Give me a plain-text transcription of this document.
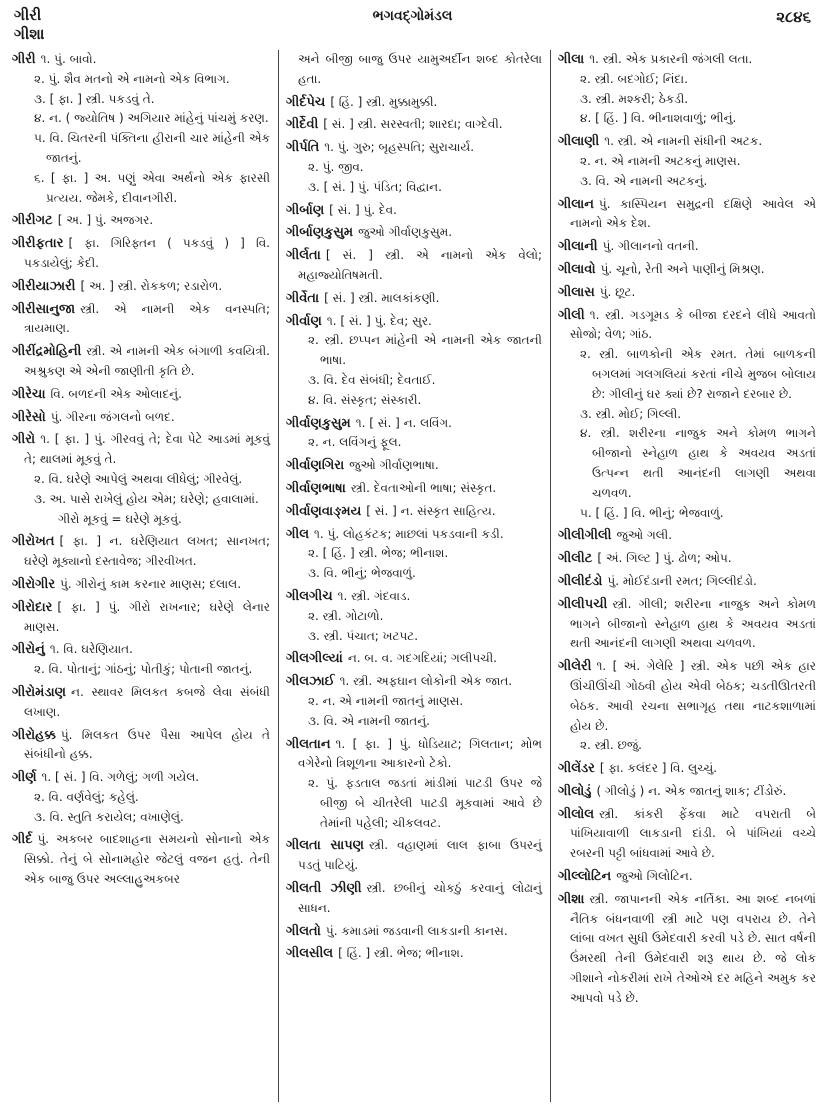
ગીરી
ગીશા
ભગવદ્ગોમંડલ	૨૮૪૬
ગીરી ૧. પું. બાવો.
૨. પું. શૈવ મતનો એ નામનો એક વિભાગ.
૩. [ ફા. ] સ્ત્રી. પકડવું તે.
૪. ન. ( જ્યોતિષ ) અગિયાર માંહેનું પાંચમું કરણ.
૫. વિ. ચિતરની પંક્તિના હીરાની ચાર માંહેની એક જાતનું.
૬. [ ફા. ] અ. પણું એવા અર્થનો એક ફારસી પ્રત્યય. જેમકે, દીવાનગીરી.
ગીરીગટ [ અ. ] પું. અજગર.
ગીરીફતાર [ ફા. ગિરિફ્તન ( પકડવું ) ] વિ. પકડાયેલું; કેદી.
ગીરીયાઝારી [ અ. ] સ્ત્રી. રોકકળ; રડારોળ.
ગીરીસાનુજા સ્ત્રી. એ નામની એક વનસ્પતિ; ત્રાયમાણ.
ગીરીંદ્રમોહિની સ્ત્રી. એ નામની એક બંગાળી કવયિત્રી. અશ્રુકણ એ એની જાણીતી કૃતિ છે.
ગીરેચા વિ. બળદની એક ઓલાદનું.
ગીરેસો પું. ગીરના જંગલનો બળદ.
ગીરો ૧. [ ફા. ] પું. ગીરવવું તે; દેવા પેટે આડમાં મૂકવું તે; થાલમાં મૂકવું તે.
૨. વિ. ઘરેણે આપેલું અથવા લીધેલું; ગીરવેલું.
૩. અ. પાસે રાખેલું હોય એમ; ઘરેણે; હવાલામાં.
ગીરો મૂકવું = ઘરેણે મૂકવું.
ગીરોખત [ ફા. ] ન. ઘરેણિયાત લખત; સાનખત; ઘરેણે મૂક્યાનો દસ્તાવેજ; ગીરવીખત.
ગીરોગીર પું. ગીરોનું કામ કરનાર માણસ; દલાલ.
ગીરોદાર [ ફા. ] પું. ગીરો રાખનાર; ઘરેણે લેનાર માણસ.
ગીરોનું ૧. વિ. ઘરેણિયાત.
૨. વિ. પોતાનું; ગાંઠનું; પોતીકું; પોતાની જાતનું.
ગીરોમંડાણ ન. સ્થાવર મિલકત કબજે લેવા સંબંધી લખાણ.
ગીરોહક્ક પું. મિલકત ઉપર પૈસા આપેલ હોય તે સંબંધીનો હક્ક.
ગીર્ણ ૧. [ સં. ] વિ. ગળેલું; ગળી ગયેલ.
૨. વિ. વર્ણવેલું; કહેલું.
૩. વિ. સ્તુતિ કરાયેલ; વખાણેલું.
ગીર્દ પું. અકબર બાદશાહના સમયનો સોનાનો એક સિક્કો. તેનું બે સોનામહોર જેટલું વજન હતું. તેની એક બાજુ ઉપર અલ્લાહુઅકબર
અને બીજી બાજુ ઉપર યામુઅર્દીન શબ્દ કોતરેલા હતા.
ગીર્દપેચ [ હિં. ] સ્ત્રી. મુક્કામુક્કી.
ગીર્દેવી [ સં. ] સ્ત્રી. સરસ્વતી; શારદા; વાગ્દેવી.
ગીર્પતિ ૧. પું. ગુરુ; બૃહસ્પતિ; સુરાચાર્ય.
૨. પું. જીવ.
૩. [ સં. ] પું. પંડિત; વિદ્વાન.
ગીર્બાણ [ સં. ] પું. દેવ.
ગીર્બાણકુસુમ જુઓ ગીર્વાણકુસુમ.
ગીર્લતા [ સં. ] સ્ત્રી. એ નામનો એક વેલો; મહાજ્યોતિષમતી.
ગીર્વેતા [ સં. ] સ્ત્રી. માલકાંકણી.
ગીર્વાણ ૧. [ સં. ] પું. દેવ; સુર.
૨. સ્ત્રી. છપ્પન માંહેની એ નામની એક જાતની ભાષા.
૩. વિ. દેવ સંબંધી; દેવતાઈ.
૪. વિ. સંસ્કૃત; સંસ્કારી.
ગીર્વાણકુસુમ ૧. [ સં. ] ન. લવિંગ.
૨. ન. લવિંગનું ફૂલ.
ગીર્વાણગિરા જુઓ ગીર્વાણભાષા.
ગીર્વાણભાષા સ્ત્રી. દેવતાઓની ભાષા; સંસ્કૃત.
ગીર્વાણવાઙ્મય [ સં. ] ન. સંસ્કૃત સાહિત્ય.
ગીલ ૧. પું. લોહકંટક; માછલાં પકડવાની કડી.
૨. [ હિં. ] સ્ત્રી. ભેજ; ભીનાશ.
૩. વિ. ભીનું; ભેજવાળું.
ગીલગીચ ૧. સ્ત્રી. ગંદવાડ.
૨. સ્ત્રી. ગોટાળો.
૩. સ્ત્રી. પંચાત; ખટપટ.
ગીલગીલ્યાં ન. બ. વ. ગદગદિયાં; ગલીપચી.
ગીલઝાઈ ૧. સ્ત્રી. અફઘાન લોકોની એક જાત.
૨. ન. એ નામની જાતનું માણસ.
૩. વિ. એ નામની જાતનું.
ગીલતાન ૧. [ ફા. ] પું. ધોડિયાટ; ગિલતાન; મોભ વગેરેનો ત્રિશૂળના આકારનો ટેકો.
૨. પું. ફડતાલ જડતાં માંડીમાં પાટડી ઉપર જે બીજી બે ચીતરેલી પાટડી મૂકવામાં આવે છે તેમાંની પહેલી; ચીકલવટ.
ગીલતા સાપણ સ્ત્રી. વહાણમાં લાલ ફાબા ઉપરનું પડતું પાટિયું.
ગીલતી ઝીણી સ્ત્રી. છબીનું ચોકઠું કરવાનું લોઢાનું સાધન.
ગીલતો પું. કમાડમાં જડવાની લાકડાની કાનસ.
ગીલસીલ [ હિં. ] સ્ત્રી. ભેજ; ભીનાશ.
ગીલા ૧. સ્ત્રી. એક પ્રકારની જંગલી લતા.
૨. સ્ત્રી. બદગોઈ; નિંદા.
૩. સ્ત્રી. મશ્કરી; ઠેકડી.
૪. [ હિં. ] વિ. ભીનાશવાળું; ભીનું.
ગીલાણી ૧. સ્ત્રી. એ નામની સંધીની અટક.
૨. ન. એ નામની અટકનું માણસ.
૩. વિ. એ નામની અટકનું.
ગીલાન પું. કાસ્પિયન સમુદ્રની દક્ષિણે આવેલ એ નામનો એક દેશ.
ગીલાની પું. ગીલાનનો વતની.
ગીલાવો પું. ચૂનો, રેતી અને પાણીનું મિશ્રણ.
ગીલાસ પું. છૂટ.
ગીલી ૧. સ્ત્રી. ગડગૂમડ કે બીજા દરદને લીધે આવતો સોજો; વેળ; ગાંઠ.
૨. સ્ત્રી. બાળકોની એક રમત. તેમાં બાળકની બગલમાં ગલગલિયાં કરતાં નીચે મુજબ બોલાય છે: ગીલીનું ઘર ક્યાં છે? રાજાને દરબાર છે.
૩. સ્ત્રી. મોઈ; ગિલ્લી.
૪. સ્ત્રી. શરીરના નાજુક અને કોમળ ભાગને બીજાનો સ્નેહાળ હાથ કે અવયવ અડતાં ઉત્પન્ન થતી આનંદની લાગણી અથવા ચળવળ.
૫. [ હિં. ] વિ. ભીનું; ભેજવાળું.
ગીલીગીલી જુઓ ગલી.
ગીલીટ [ અં. ગિલ્ટ ] પું. ઢોળ; ઓપ.
ગીલીદંડો પું. મોઈદંડાની રમત; ગિલ્લીદંડો.
ગીલીપચી સ્ત્રી. ગીલી; શરીરના નાજુક અને કોમળ ભાગને બીજાનો સ્નેહાળ હાથ કે અવયવ અડતાં થતી આનંદની લાગણી અથવા ચળવળ.
ગીલેરી ૧. [ અં. ગેલેરિ ] સ્ત્રી. એક પછી એક હાર ઊંચીઊંચી ગોઠવી હોય એવી બેઠક; ચડતીઊતરતી બેઠક. આવી રચના સભાગૃહ તથા નાટકશાળામાં હોય છે.
૨. સ્ત્રી. છજું.
ગીલેંડર [ ફા. કલંદર ] વિ. લુચ્ચું.
ગીલોડું ( ગીલોડું ) ન. એક જાતનું શાક; ટીંડોરું.
ગીલોલ સ્ત્રી. કાંકરી ફેંકવા માટે વપરાતી બે પાંખિયાવાળી લાકડાની દાંડી. બે પાંખિયાં વચ્ચે રબરની પટ્ટી બાંધવામાં આવે છે.
ગીલ્લોટિન જુઓ ગિલોટિન.
ગીશા સ્ત્રી. જાપાનની એક નર્તિકા. આ શબ્દ નબળાં નૈતિક બંધનવાળી સ્ત્રી માટે પણ વપરાય છે. તેને લાંબા વખત સુધી ઉમેદવારી કરવી પડે છે. સાત વર્ષની ઉંમરથી તેની ઉમેદવારી શરૂ થાય છે. જે લોક ગીશાને નોકરીમાં રાખે તેઓએ દર મહિને અમુક કર આપવો પડે છે.
